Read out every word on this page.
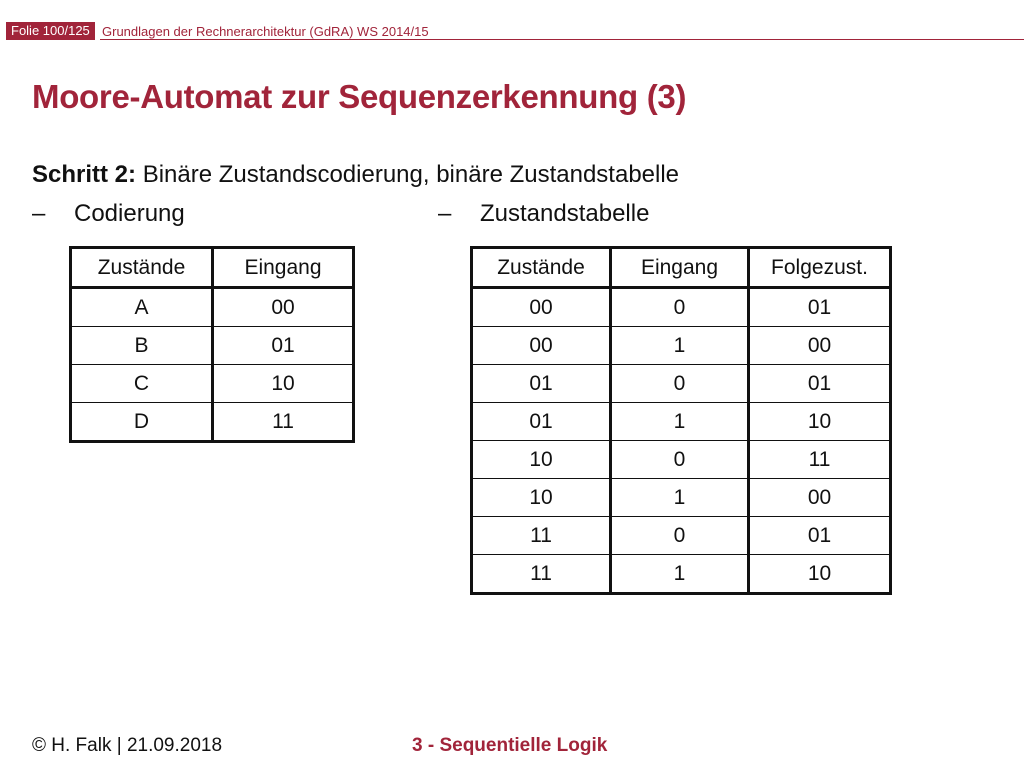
Folie 100/125 Grundlagen der Rechnerarchitektur (GdRA) WS 2014/15
Moore-Automat zur Sequenzerkennung (3)
Schritt 2: Binäre Zustandscodierung, binäre Zustandstabelle
– Codierung	– Zustandstabelle
Zustände	Eingang
A	00
B	01
C	10
D	11
Zustände	Eingang	Folgezust.
00	0	01
00	1	00
01	0	01
01	1	10
10	0	11
10	1	00
11	0	01
11	1	10
© H. Falk | 21.09.2018	3 - Sequentielle Logik
